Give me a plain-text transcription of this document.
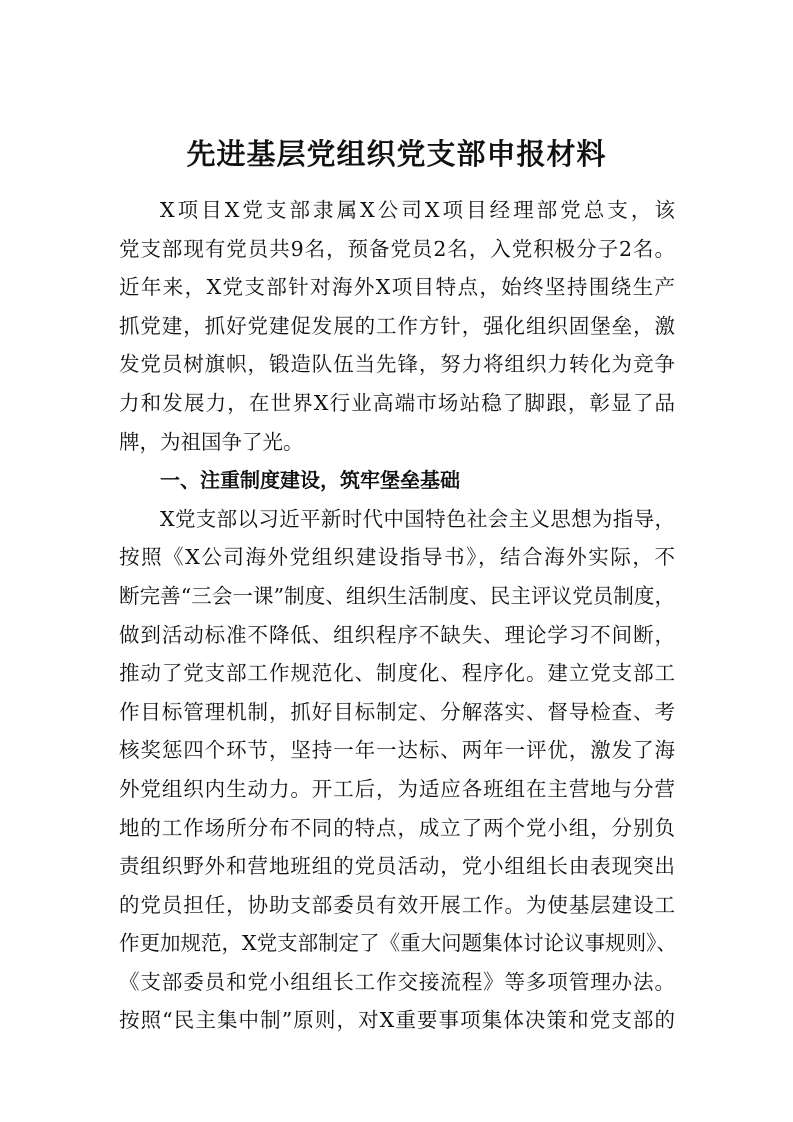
先进基层党组织党支部申报材料
X项目X党支部隶属X公司X项目经理部党总支，该
党支部现有党员共9名，预备党员2名，入党积极分子2名。
近年来，X党支部针对海外X项目特点，始终坚持围绕生产
抓党建，抓好党建促发展的工作方针，强化组织固堡垒，激
发党员树旗帜，锻造队伍当先锋，努力将组织力转化为竞争
力和发展力，在世界X行业高端市场站稳了脚跟，彰显了品
牌，为祖国争了光。
一、注重制度建设，筑牢堡垒基础
X党支部以习近平新时代中国特色社会主义思想为指导，
按照《X公司海外党组织建设指导书》，结合海外实际，不
断完善“三会一课”制度、组织生活制度、民主评议党员制度，
做到活动标准不降低、组织程序不缺失、理论学习不间断，
推动了党支部工作规范化、制度化、程序化。建立党支部工
作目标管理机制，抓好目标制定、分解落实、督导检查、考
核奖惩四个环节，坚持一年一达标、两年一评优，激发了海
外党组织内生动力。开工后，为适应各班组在主营地与分营
地的工作场所分布不同的特点，成立了两个党小组，分别负
责组织野外和营地班组的党员活动，党小组组长由表现突出
的党员担任，协助支部委员有效开展工作。为使基层建设工
作更加规范，X党支部制定了《重大问题集体讨论议事规则》、
《支部委员和党小组组长工作交接流程》等多项管理办法。
按照“民主集中制”原则，对X重要事项集体决策和党支部的
